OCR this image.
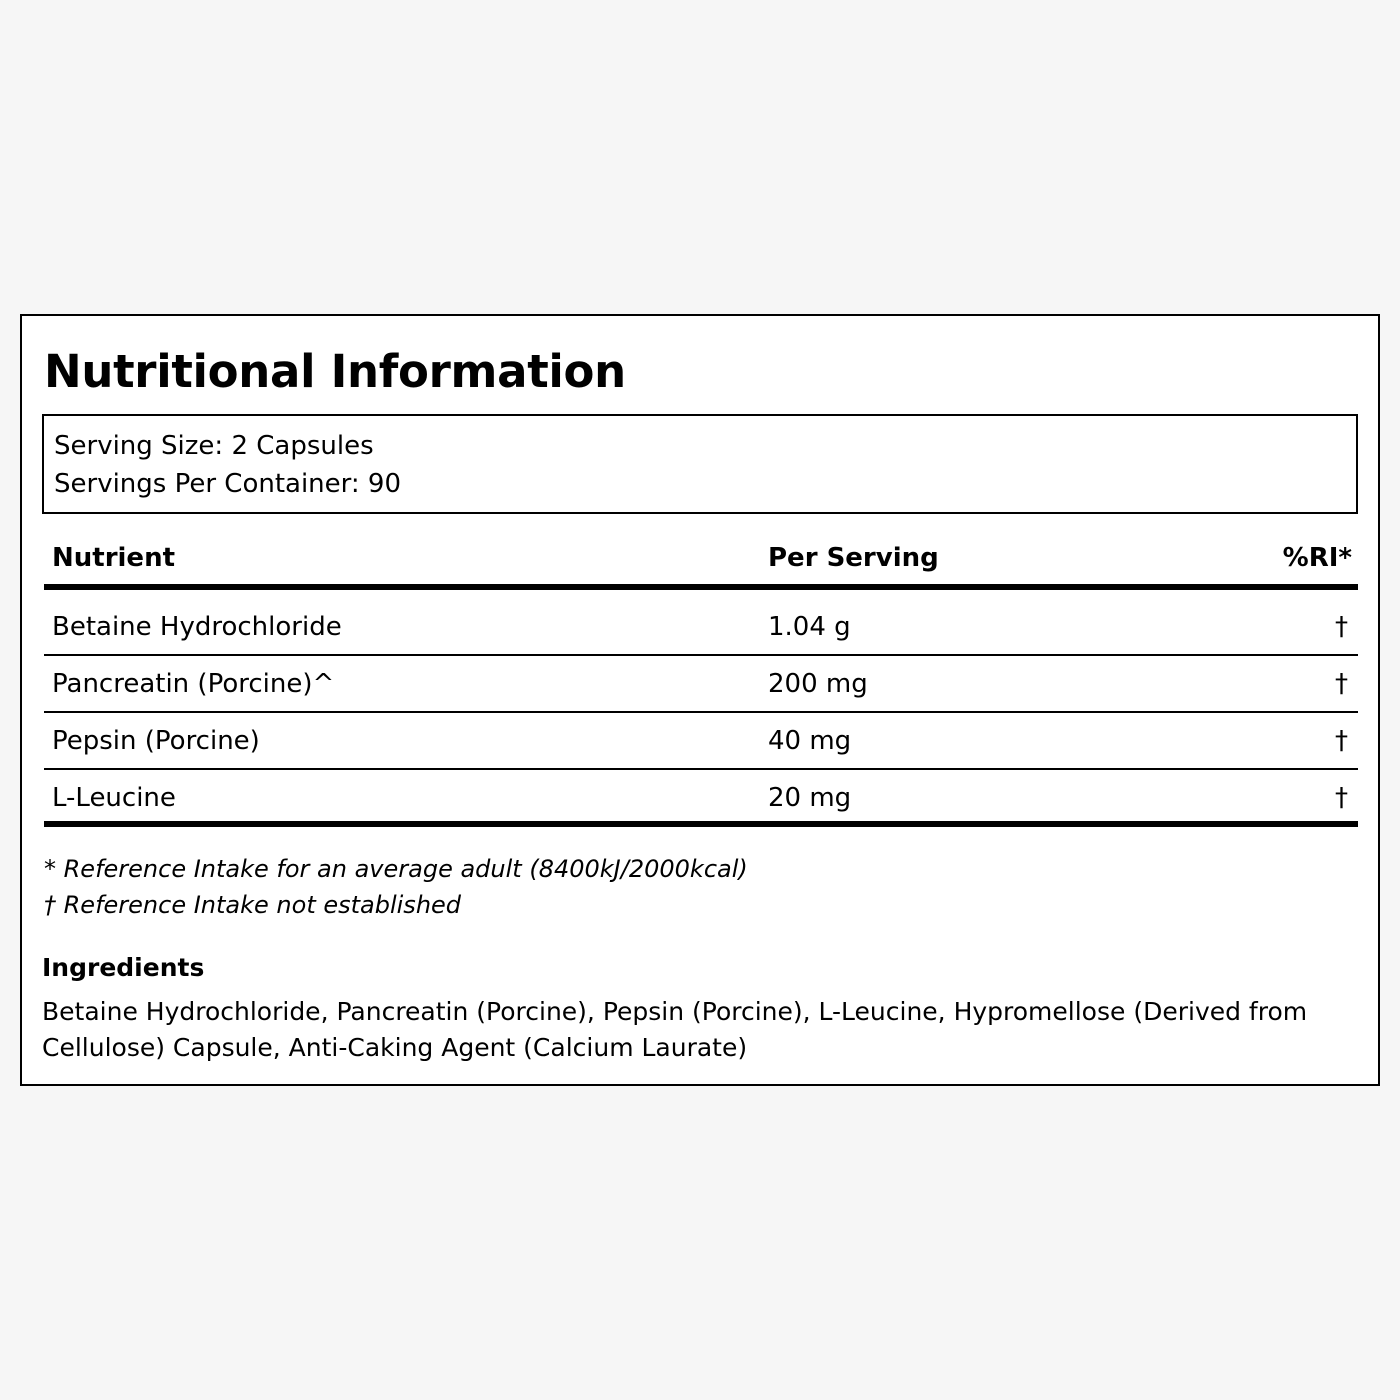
Nutritional Information
Serving Size: 2 Capsules
Servings Per Container: 90
Nutrient	Per Serving	%RI*
Betaine Hydrochloride	1.04 g	†
Pancreatin (Porcine)^	200 mg	†
Pepsin (Porcine)	40 mg	†
L-Leucine	20 mg	†
* Reference Intake for an average adult (8400kJ/2000kcal)
† Reference Intake not established
Ingredients

Betaine Hydrochloride, Pancreatin (Porcine), Pepsin (Porcine), L-Leucine, Hypromellose (Derived from Cellulose) Capsule, Anti-Caking Agent (Calcium Laurate)
